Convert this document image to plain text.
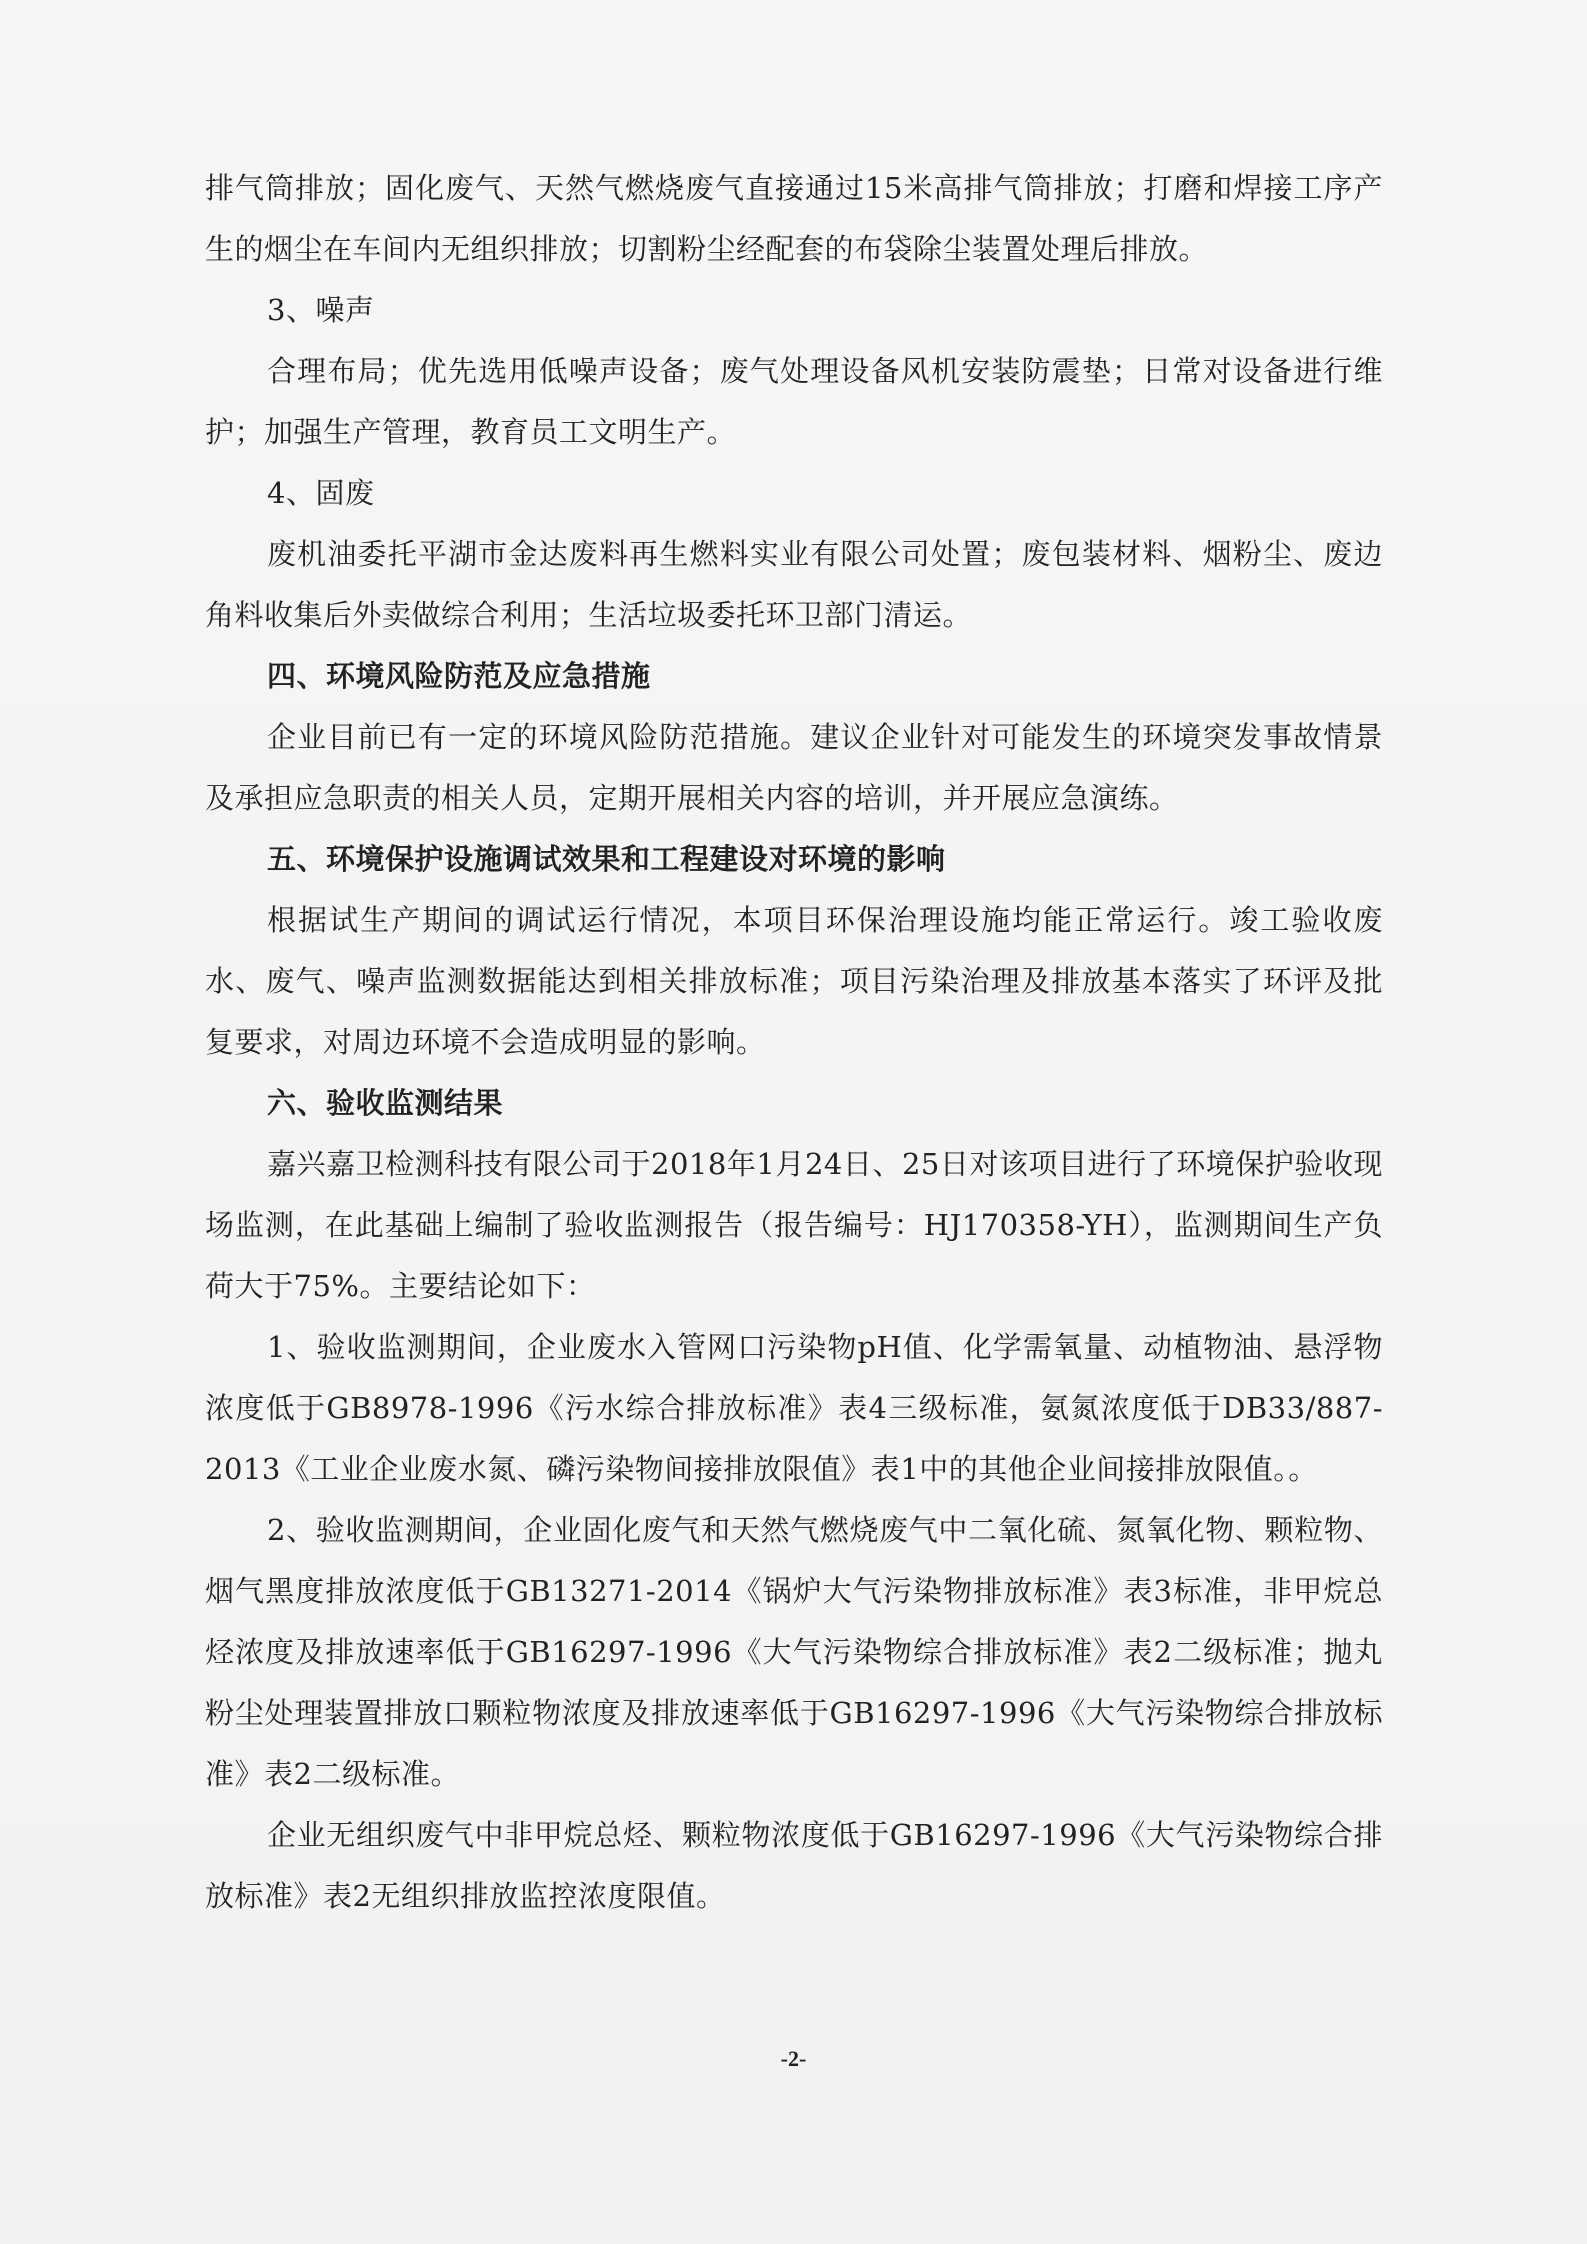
排气筒排放；固化废气、天然气燃烧废气直接通过15米高排气筒排放；打磨和焊接工序产生的烟尘在车间内无组织排放；切割粉尘经配套的布袋除尘装置处理后排放。

3、噪声

合理布局；优先选用低噪声设备；废气处理设备风机安装防震垫；日常对设备进行维护；加强生产管理，教育员工文明生产。

4、固废

废机油委托平湖市金达废料再生燃料实业有限公司处置；废包装材料、烟粉尘、废边角料收集后外卖做综合利用；生活垃圾委托环卫部门清运。

四、环境风险防范及应急措施

企业目前已有一定的环境风险防范措施。建议企业针对可能发生的环境突发事故情景及承担应急职责的相关人员，定期开展相关内容的培训，并开展应急演练。

五、环境保护设施调试效果和工程建设对环境的影响

根据试生产期间的调试运行情况，本项目环保治理设施均能正常运行。竣工验收废水、废气、噪声监测数据能达到相关排放标准；项目污染治理及排放基本落实了环评及批复要求，对周边环境不会造成明显的影响。

六、验收监测结果

嘉兴嘉卫检测科技有限公司于2018年1月24日、25日对该项目进行了环境保护验收现场监测，在此基础上编制了验收监测报告（报告编号：HJ170358-YH），监测期间生产负荷大于75%。主要结论如下：

1、验收监测期间，企业废水入管网口污染物pH值、化学需氧量、动植物油、悬浮物浓度低于GB8978-1996《污水综合排放标准》表4三级标准，氨氮浓度低于DB33/887-2013《工业企业废水氮、磷污染物间接排放限值》表1中的其他企业间接排放限值。。

2、验收监测期间，企业固化废气和天然气燃烧废气中二氧化硫、氮氧化物、颗粒物、烟气黑度排放浓度低于GB13271-2014《锅炉大气污染物排放标准》表3标准，非甲烷总烃浓度及排放速率低于GB16297-1996《大气污染物综合排放标准》表2二级标准；抛丸粉尘处理装置排放口颗粒物浓度及排放速率低于GB16297-1996《大气污染物综合排放标准》表2二级标准。

企业无组织废气中非甲烷总烃、颗粒物浓度低于GB16297-1996《大气污染物综合排放标准》表2无组织排放监控浓度限值。

-2-
